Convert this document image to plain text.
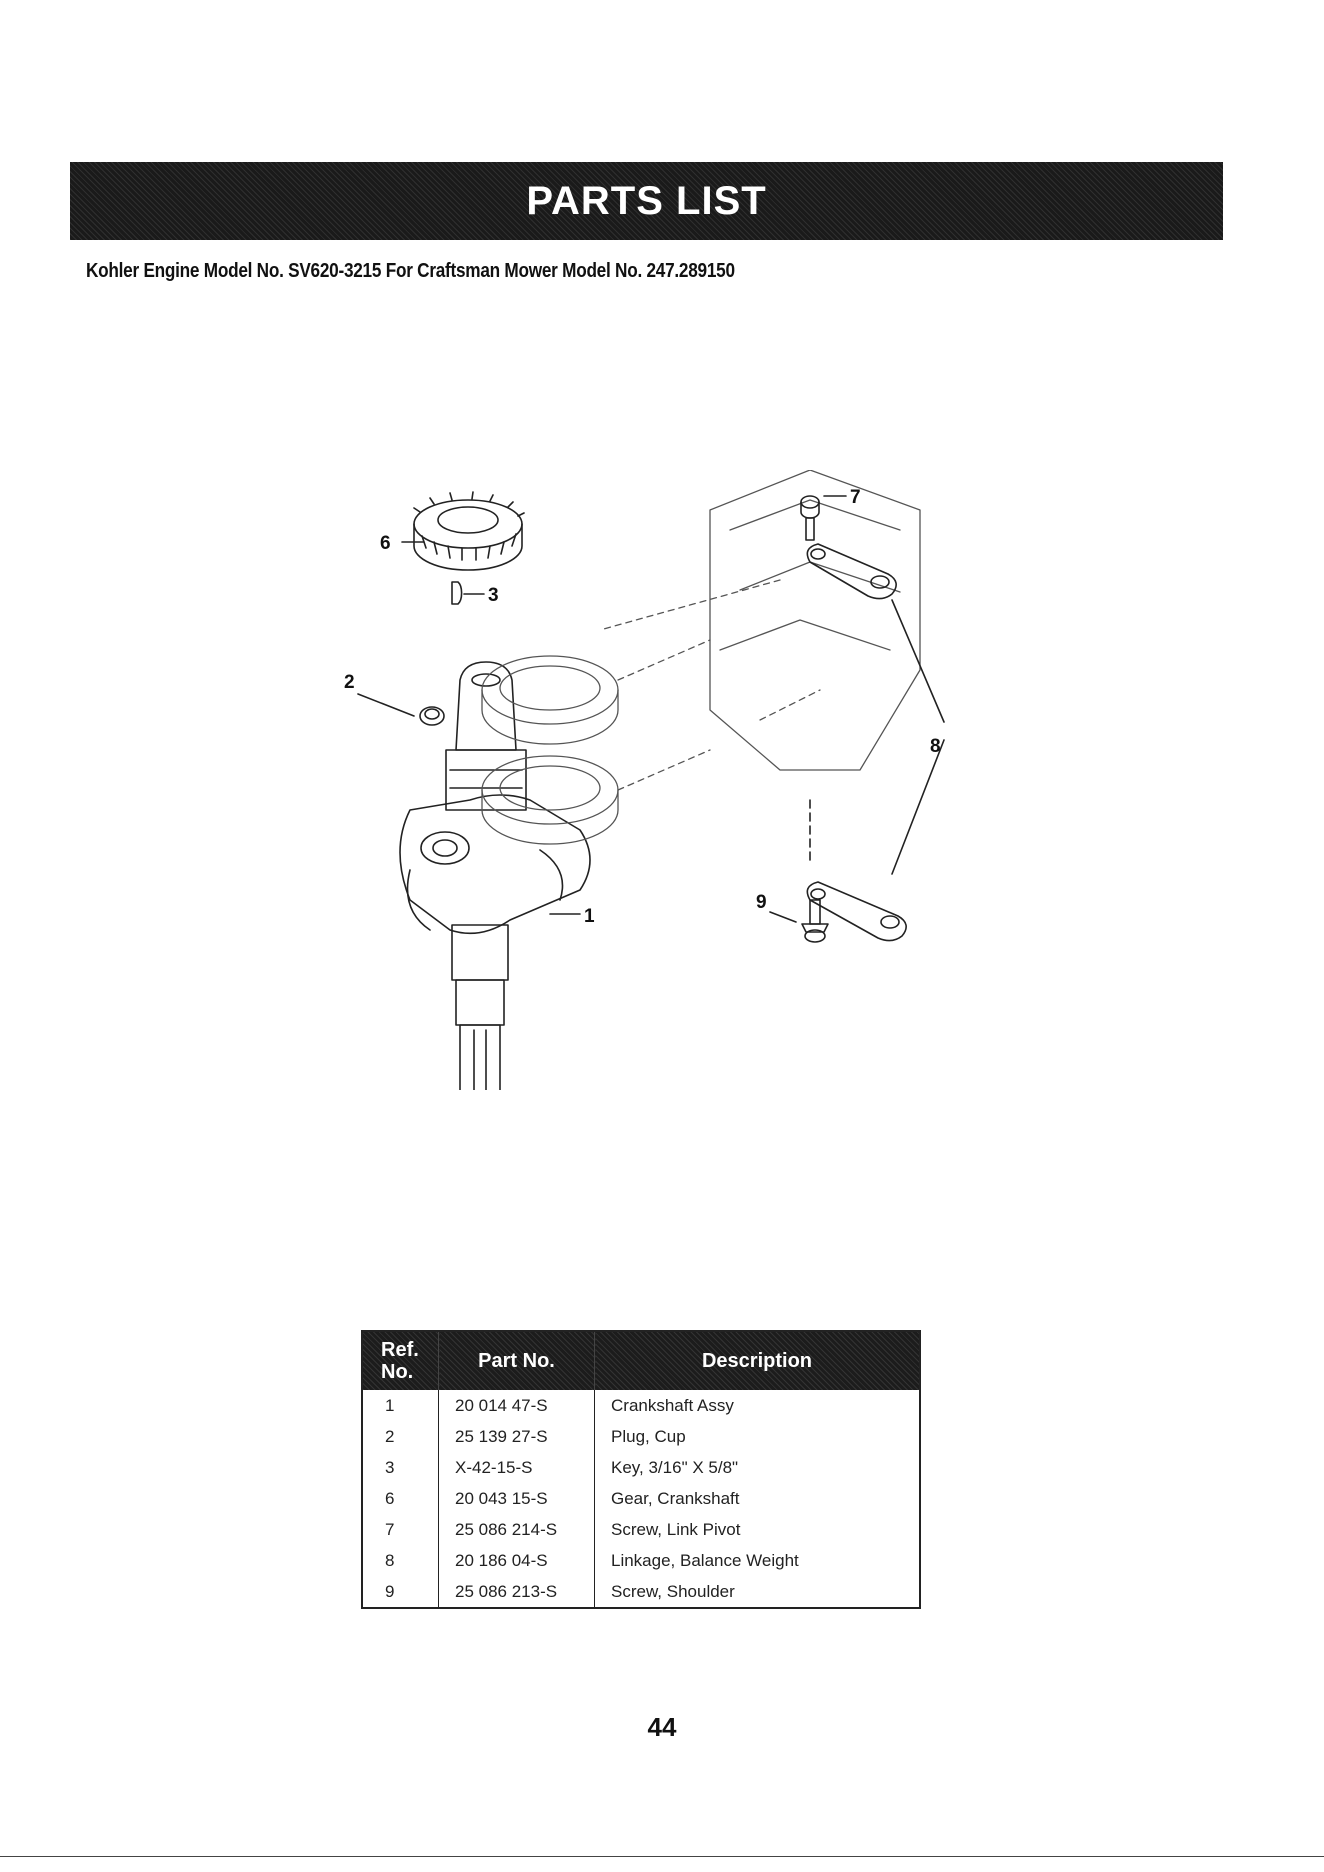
PARTS LIST
Kohler Engine Model No. SV620-3215 For Craftsman Mower Model No. 247.289150
6
3
2
1
7
8
9
Ref.
No.	Part No.	Description
1	20 014 47-S	Crankshaft Assy
2	25 139 27-S	Plug, Cup
3	X-42-15-S	Key, 3/16" X 5/8"
6	20 043 15-S	Gear, Crankshaft
7	25 086 214-S	Screw, Link Pivot
8	20 186 04-S	Linkage, Balance Weight
9	25 086 213-S	Screw, Shoulder
44
